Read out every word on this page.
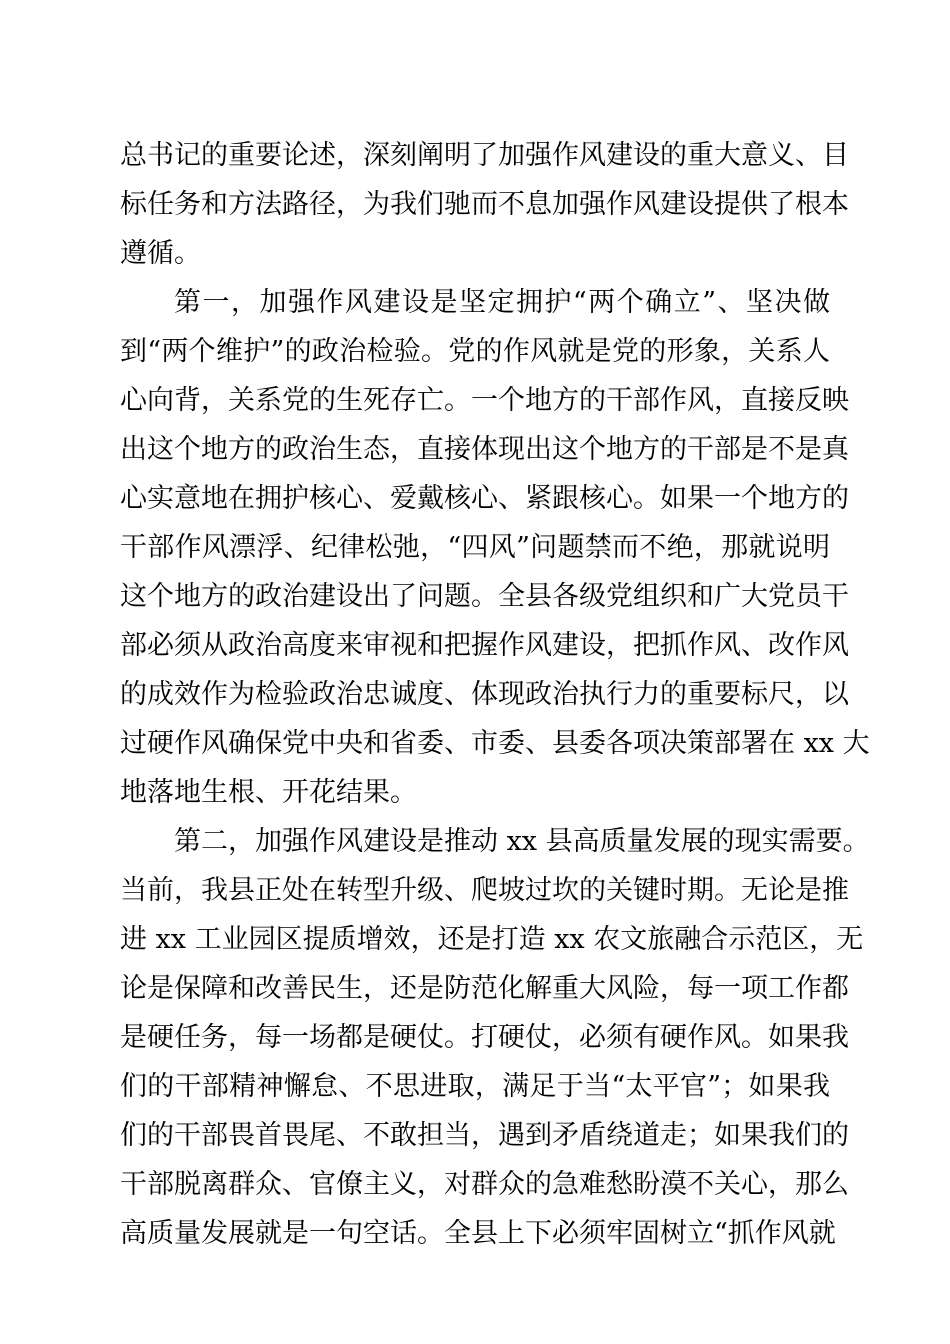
总书记的重要论述，深刻阐明了加强作风建设的重大意义、目
标任务和方法路径，为我们驰而不息加强作风建设提供了根本
遵循。
第一，加强作风建设是坚定拥护“两个确立”、坚决做
到“两个维护”的政治检验。党的作风就是党的形象，关系人
心向背，关系党的生死存亡。一个地方的干部作风，直接反映
出这个地方的政治生态，直接体现出这个地方的干部是不是真
心实意地在拥护核心、爱戴核心、紧跟核心。如果一个地方的
干部作风漂浮、纪律松弛，“四风”问题禁而不绝，那就说明
这个地方的政治建设出了问题。全县各级党组织和广大党员干
部必须从政治高度来审视和把握作风建设，把抓作风、改作风
的成效作为检验政治忠诚度、体现政治执行力的重要标尺，以
过硬作风确保党中央和省委、市委、县委各项决策部署在 xx 大
地落地生根、开花结果。
第二，加强作风建设是推动 xx 县高质量发展的现实需要。
当前，我县正处在转型升级、爬坡过坎的关键时期。无论是推
进 xx 工业园区提质增效，还是打造 xx 农文旅融合示范区，无
论是保障和改善民生，还是防范化解重大风险，每一项工作都
是硬任务，每一场都是硬仗。打硬仗，必须有硬作风。如果我
们的干部精神懈怠、不思进取，满足于当“太平官”；如果我
们的干部畏首畏尾、不敢担当，遇到矛盾绕道走；如果我们的
干部脱离群众、官僚主义，对群众的急难愁盼漠不关心，那么
高质量发展就是一句空话。全县上下必须牢固树立“抓作风就
